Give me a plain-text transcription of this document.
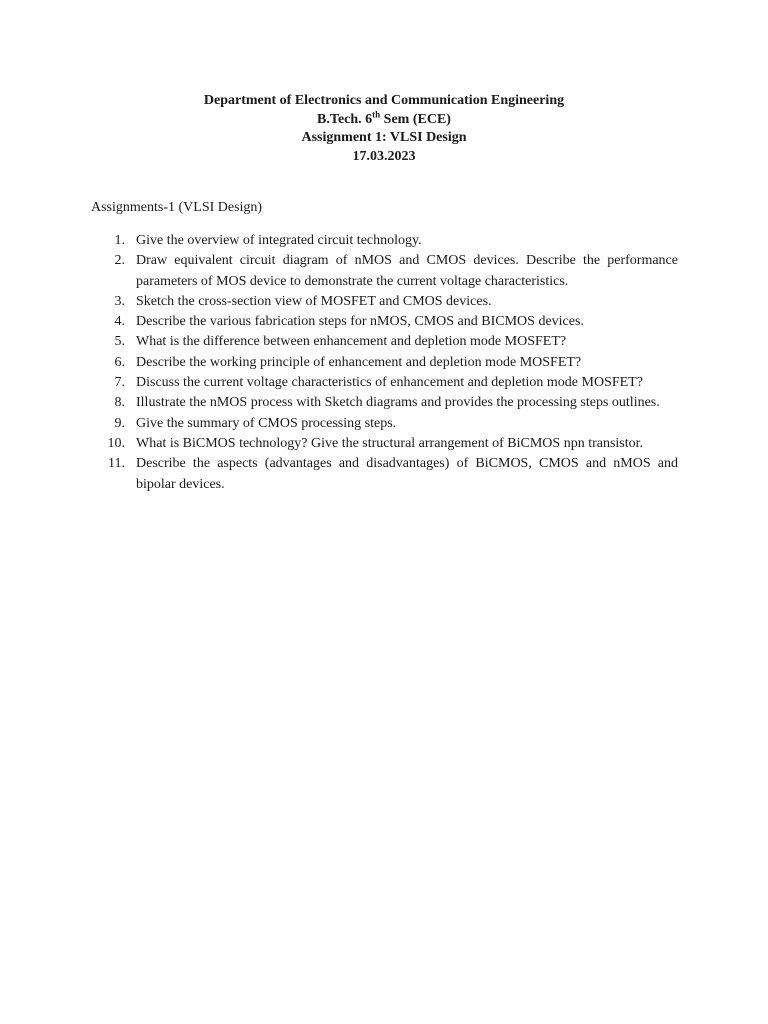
Department of Electronics and Communication Engineering
B.Tech. 6th Sem (ECE)
Assignment 1: VLSI Design
17.03.2023
Assignments-1 (VLSI Design)
1. Give the overview of integrated circuit technology.
2. Draw equivalent circuit diagram of nMOS and CMOS devices. Describe the performance parameters of MOS device to demonstrate the current voltage characteristics.
3. Sketch the cross-section view of MOSFET and CMOS devices.
4. Describe the various fabrication steps for nMOS, CMOS and BICMOS devices.
5. What is the difference between enhancement and depletion mode MOSFET?
6. Describe the working principle of enhancement and depletion mode MOSFET?
7. Discuss the current voltage characteristics of enhancement and depletion mode MOSFET?
8. Illustrate the nMOS process with Sketch diagrams and provides the processing steps outlines.
9. Give the summary of CMOS processing steps.
10. What is BiCMOS technology? Give the structural arrangement of BiCMOS npn transistor.
11. Describe the aspects (advantages and disadvantages) of BiCMOS, CMOS and nMOS and bipolar devices.
